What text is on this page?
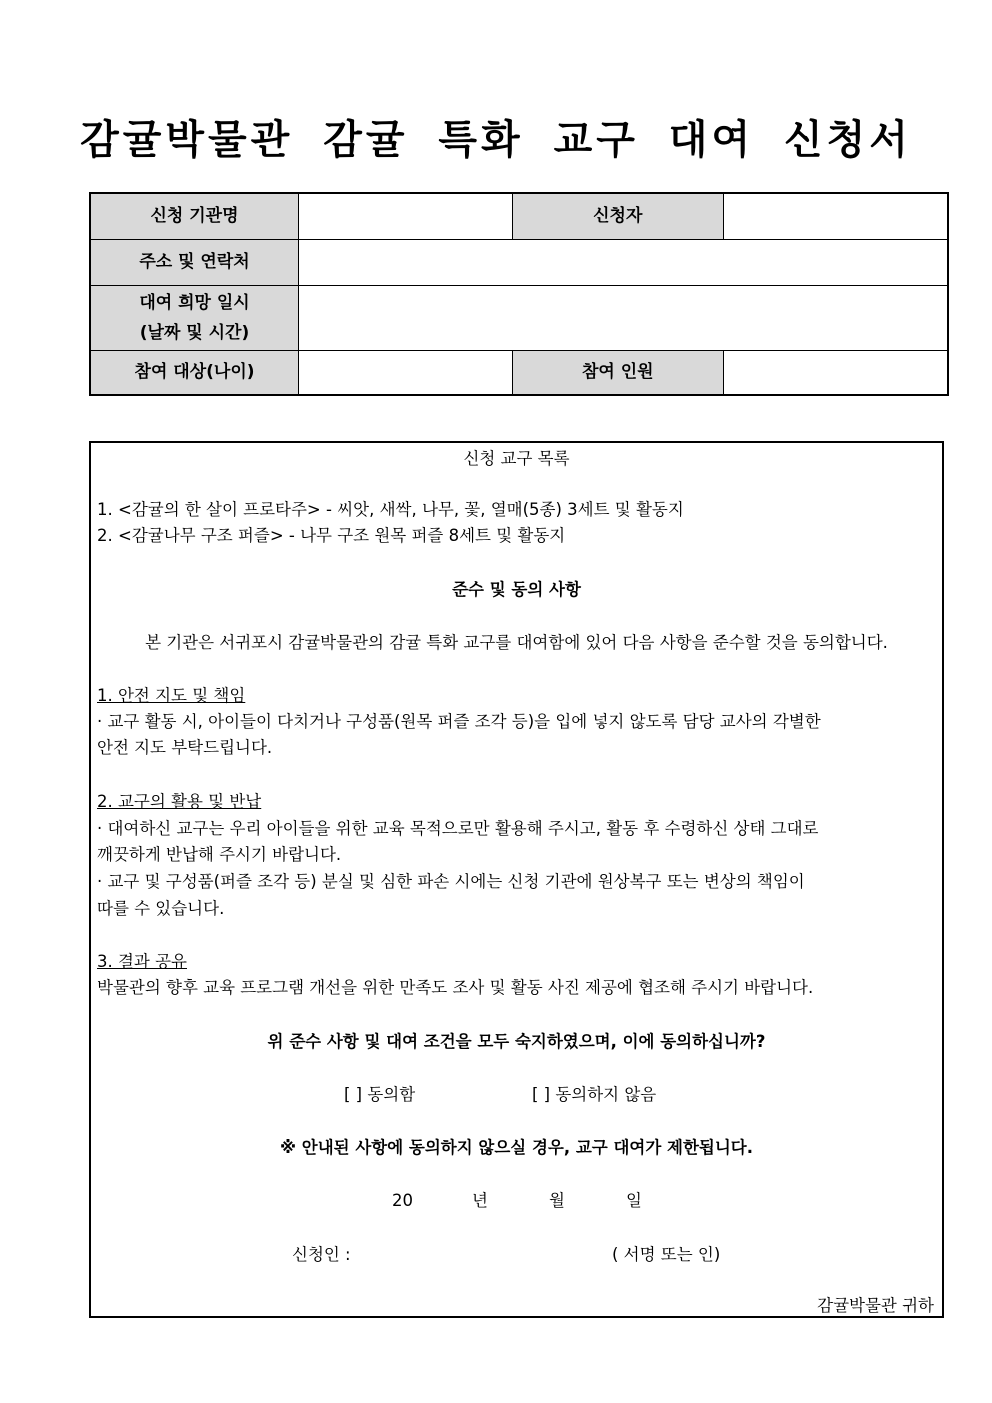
감귤박물관 감귤 특화 교구 대여 신청서
신청 기관명		신청자	
주소 및 연락처			

대여 희망 일시
(날짜 및 시간)			

참여 대상(나이)		참여 인원	
신청 교구 목록
1. <감귤의 한 살이 프로타주> - 씨앗, 새싹, 나무, 꽃, 열매(5종) 3세트 및 활동지
2. <감귤나무 구조 퍼즐> - 나무 구조 원목 퍼즐 8세트 및 활동지
준수 및 동의 사항
본 기관은 서귀포시 감귤박물관의 감귤 특화 교구를 대여함에 있어 다음 사항을 준수할 것을 동의합니다.
1. 안전 지도 및 책임
· 교구 활동 시, 아이들이 다치거나 구성품(원목 퍼즐 조각 등)을 입에 넣지 않도록 담당 교사의 각별한
안전 지도 부탁드립니다.
2. 교구의 활용 및 반납
· 대여하신 교구는 우리 아이들을 위한 교육 목적으로만 활용해 주시고, 활동 후 수령하신 상태 그대로
깨끗하게 반납해 주시기 바랍니다.
· 교구 및 구성품(퍼즐 조각 등) 분실 및 심한 파손 시에는 신청 기관에 원상복구 또는 변상의 책임이
따를 수 있습니다.
3. 결과 공유
박물관의 향후 교육 프로그램 개선을 위한 만족도 조사 및 활동 사진 제공에 협조해 주시기 바랍니다.
위 준수 사항 및 대여 조건을 모두 숙지하였으며, 이에 동의하십니까?
[ ] 동의함	[ ] 동의하지 않음
※ 안내된 사항에 동의하지 않으실 경우, 교구 대여가 제한됩니다.
20	년	월	일
신청인 :	( 서명 또는 인)
감귤박물관 귀하
